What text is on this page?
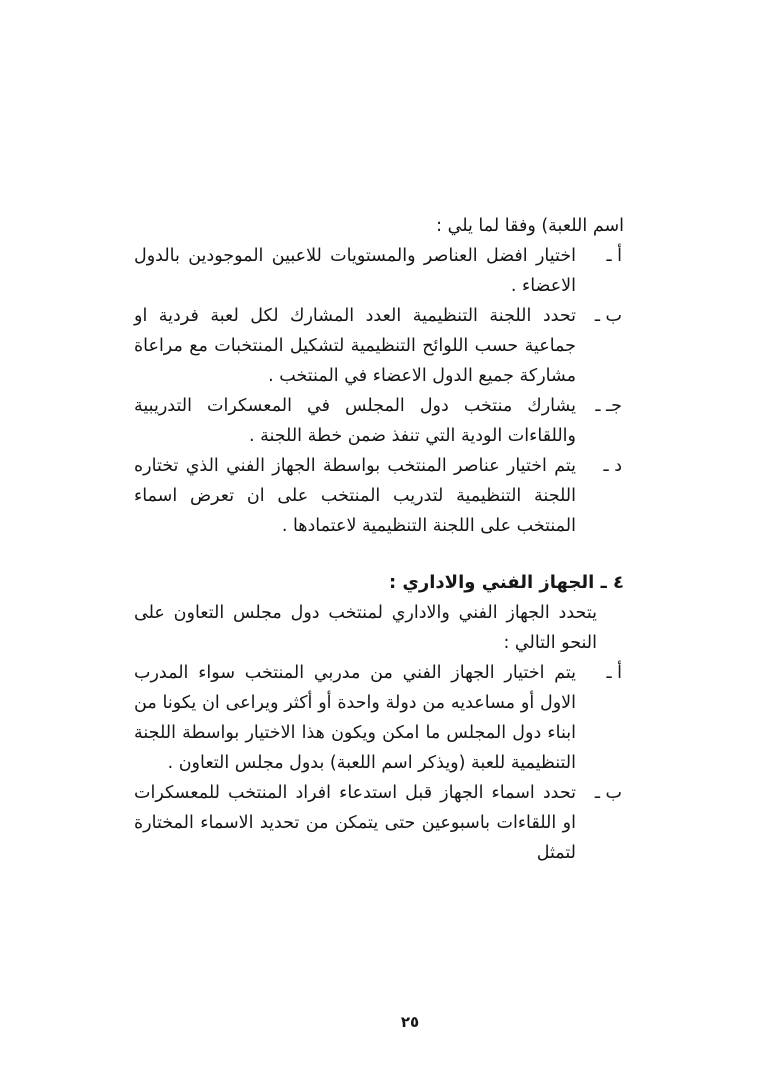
اسم اللعبة) وفقا لما يلي :

أ ـ
اختيار افضل العناصر والمستويات للاعبين الموجودين بالدول الاعضاء .
ب ـ
تحدد اللجنة التنظيمية العدد المشارك لكل لعبة فردية او جماعية حسب اللوائح التنظيمية لتشكيل المنتخبات مع مراعاة مشاركة جميع الدول الاعضاء في المنتخب .
جـ ـ
يشارك منتخب دول المجلس في المعسكرات التدريبية واللقاءات الودية التي تنفذ ضمن خطة اللجنة .
د ـ
يتم اختيار عناصر المنتخب بواسطة الجهاز الفني الذي تختاره اللجنة التنظيمية لتدريب المنتخب على ان تعرض اسماء المنتخب على اللجنة التنظيمية لاعتمادها .
٤ ـ الجهاز الفني والاداري :

يتحدد الجهاز الفني والاداري لمنتخب دول مجلس التعاون على النحو التالي :

أ ـ
يتم اختيار الجهاز الفني من مدربي المنتخب سواء المدرب الاول أو مساعديه من دولة واحدة أو أكثر ويراعى ان يكونا من ابناء دول المجلس ما امكن ويكون هذا الاختيار بواسطة اللجنة التنظيمية للعبة (ويذكر اسم اللعبة) بدول مجلس التعاون .
ب ـ
تحدد اسماء الجهاز قبل استدعاء افراد المنتخب للمعسكرات او اللقاءات باسبوعين حتى يتمكن من تحديد الاسماء المختارة لتمثل
٢٥
